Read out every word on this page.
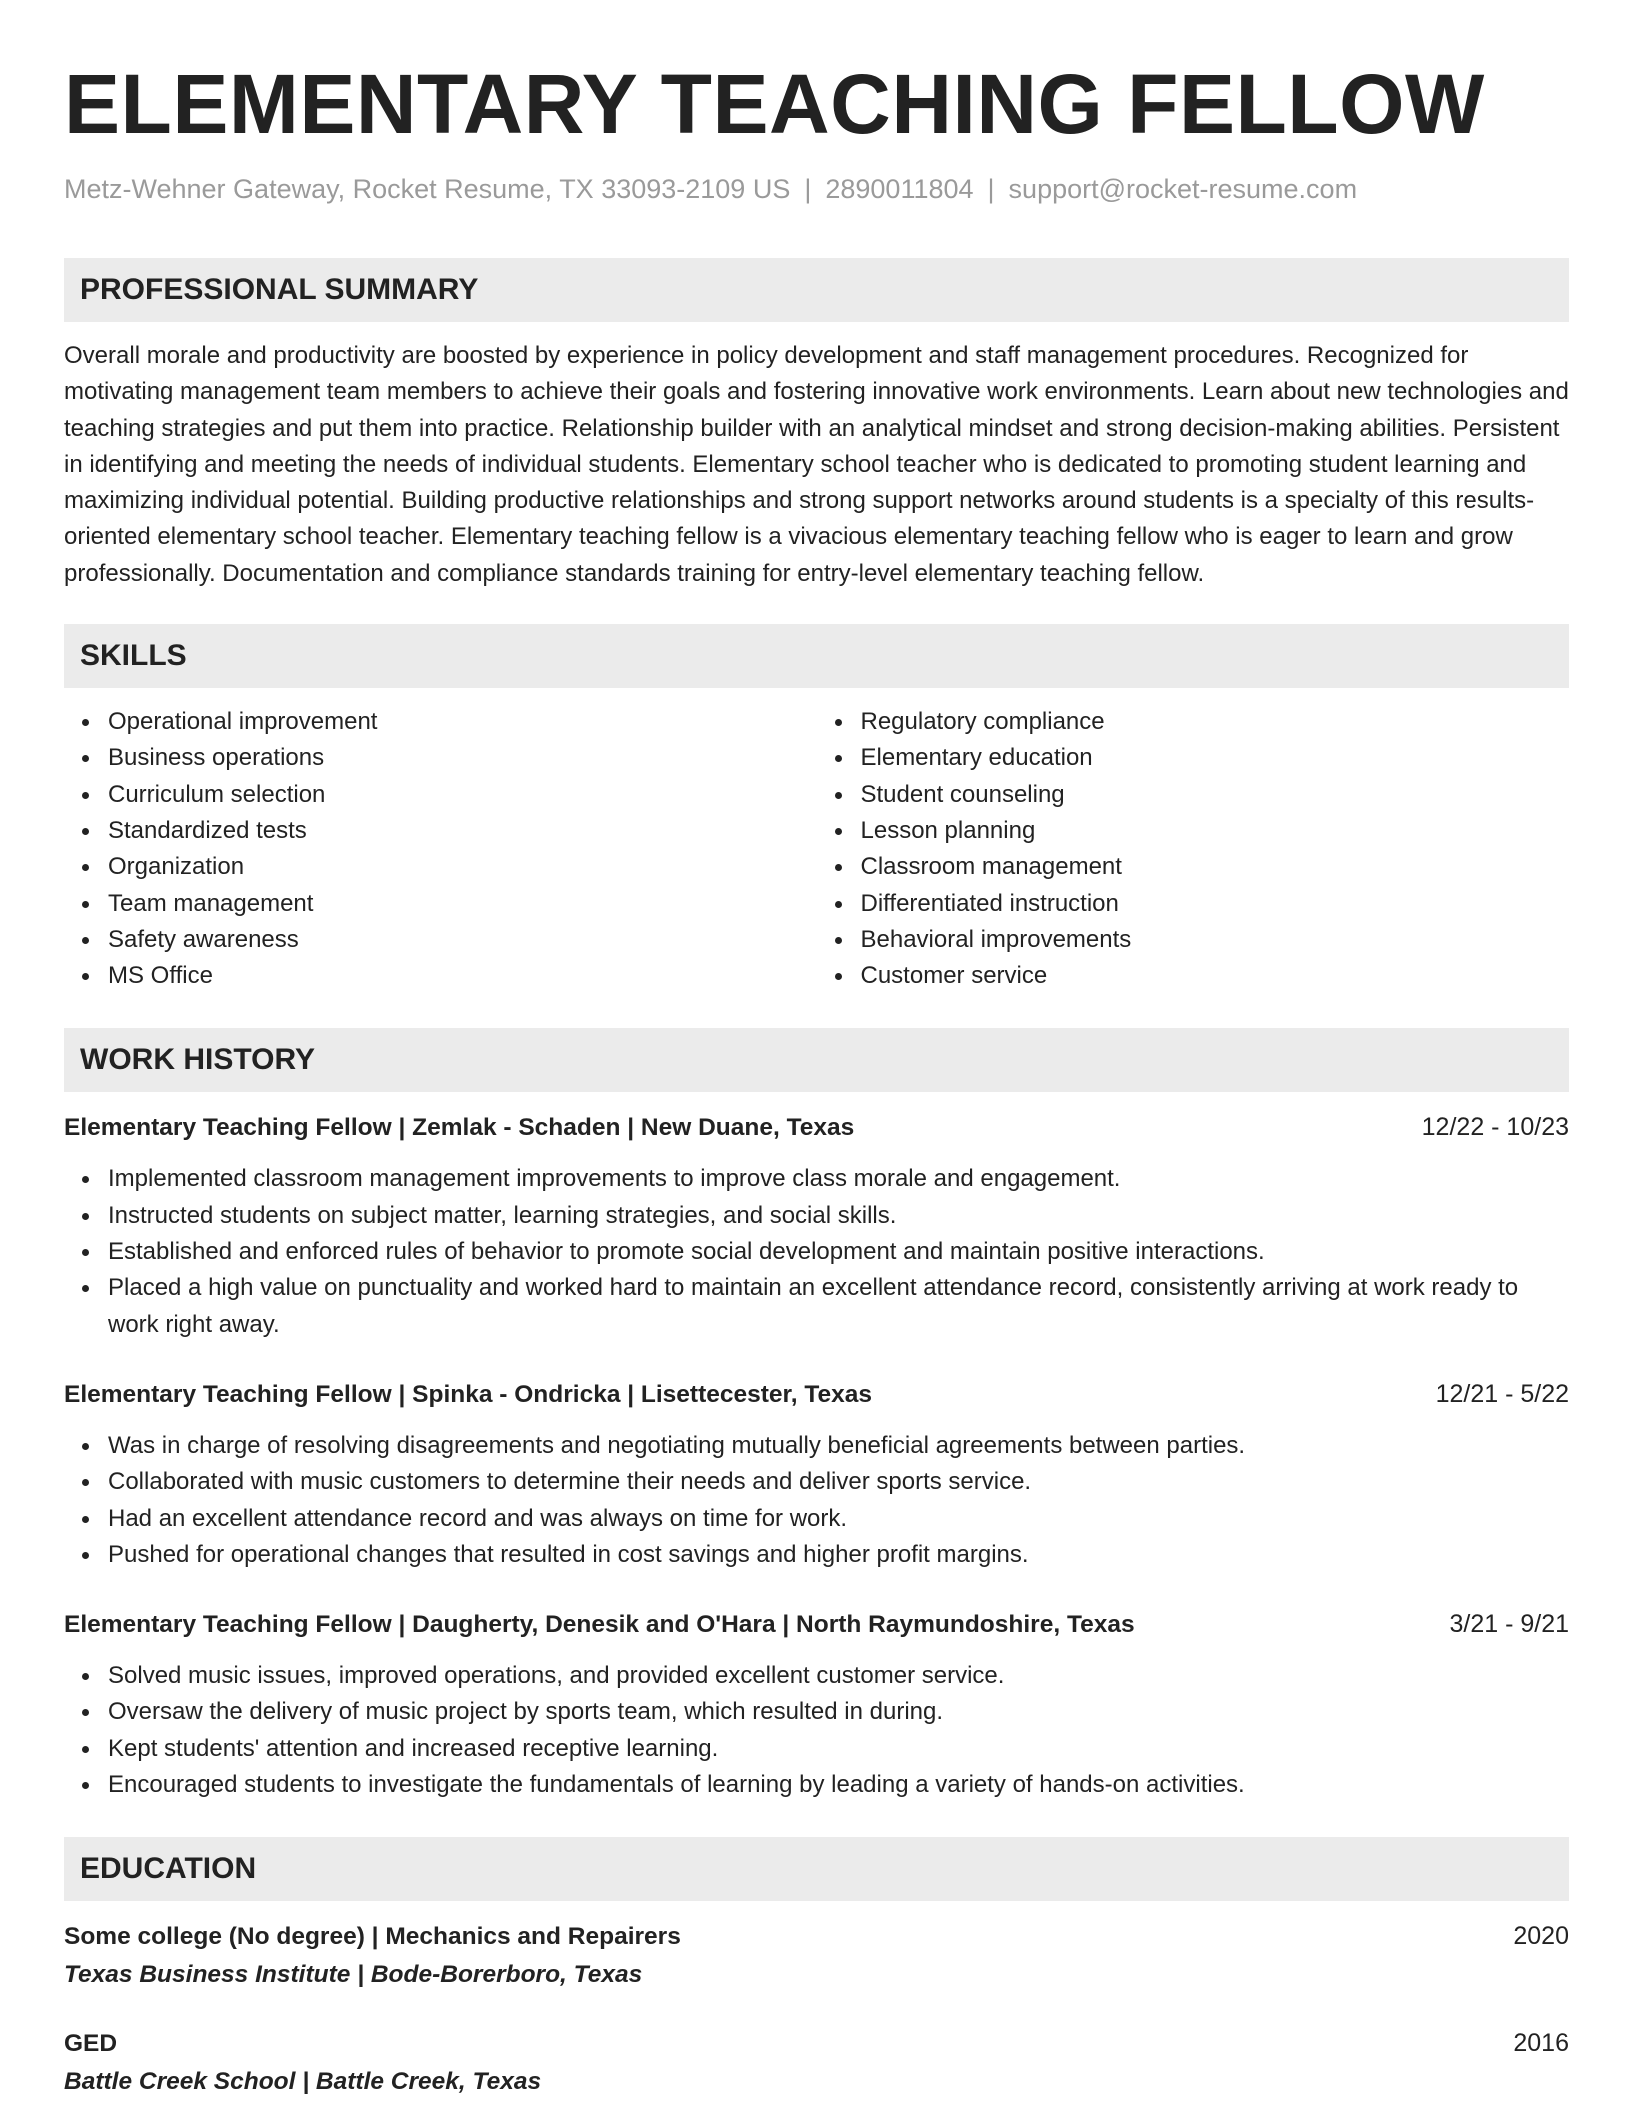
ELEMENTARY TEACHING FELLOW
Metz-Wehner Gateway, Rocket Resume, TX 33093-2109 US | 2890011804 | support@rocket-resume.com
PROFESSIONAL SUMMARY

Overall morale and productivity are boosted by experience in policy development and staff management procedures. Recognized for motivating management team members to achieve their goals and fostering innovative work environments. Learn about new technologies and teaching strategies and put them into practice. Relationship builder with an analytical mindset and strong decision-making abilities. Persistent in identifying and meeting the needs of individual students. Elementary school teacher who is dedicated to promoting student learning and maximizing individual potential. Building productive relationships and strong support networks around students is a specialty of this results-oriented elementary school teacher. Elementary teaching fellow is a vivacious elementary teaching fellow who is eager to learn and grow professionally. Documentation and compliance standards training for entry-level elementary teaching fellow.

SKILLS
Operational improvement
Business operations
Curriculum selection
Standardized tests
Organization
Team management
Safety awareness
MS Office
Regulatory compliance
Elementary education
Student counseling
Lesson planning
Classroom management
Differentiated instruction
Behavioral improvements
Customer service
WORK HISTORY
Elementary Teaching Fellow | Zemlak - Schaden | New Duane, Texas	12/22 - 10/23
Implemented classroom management improvements to improve class morale and engagement.
Instructed students on subject matter, learning strategies, and social skills.
Established and enforced rules of behavior to promote social development and maintain positive interactions.
Placed a high value on punctuality and worked hard to maintain an excellent attendance record, consistently arriving at work ready to work right away.
Elementary Teaching Fellow | Spinka - Ondricka | Lisettecester, Texas	12/21 - 5/22
Was in charge of resolving disagreements and negotiating mutually beneficial agreements between parties.
Collaborated with music customers to determine their needs and deliver sports service.
Had an excellent attendance record and was always on time for work.
Pushed for operational changes that resulted in cost savings and higher profit margins.
Elementary Teaching Fellow | Daugherty, Denesik and O'Hara | North Raymundoshire, Texas	3/21 - 9/21
Solved music issues, improved operations, and provided excellent customer service.
Oversaw the delivery of music project by sports team, which resulted in during.
Kept students' attention and increased receptive learning.
Encouraged students to investigate the fundamentals of learning by leading a variety of hands-on activities.
EDUCATION
Some college (No degree) | Mechanics and Repairers	2020
Texas Business Institute | Bode-Borerboro, Texas
GED	2016
Battle Creek School | Battle Creek, Texas
